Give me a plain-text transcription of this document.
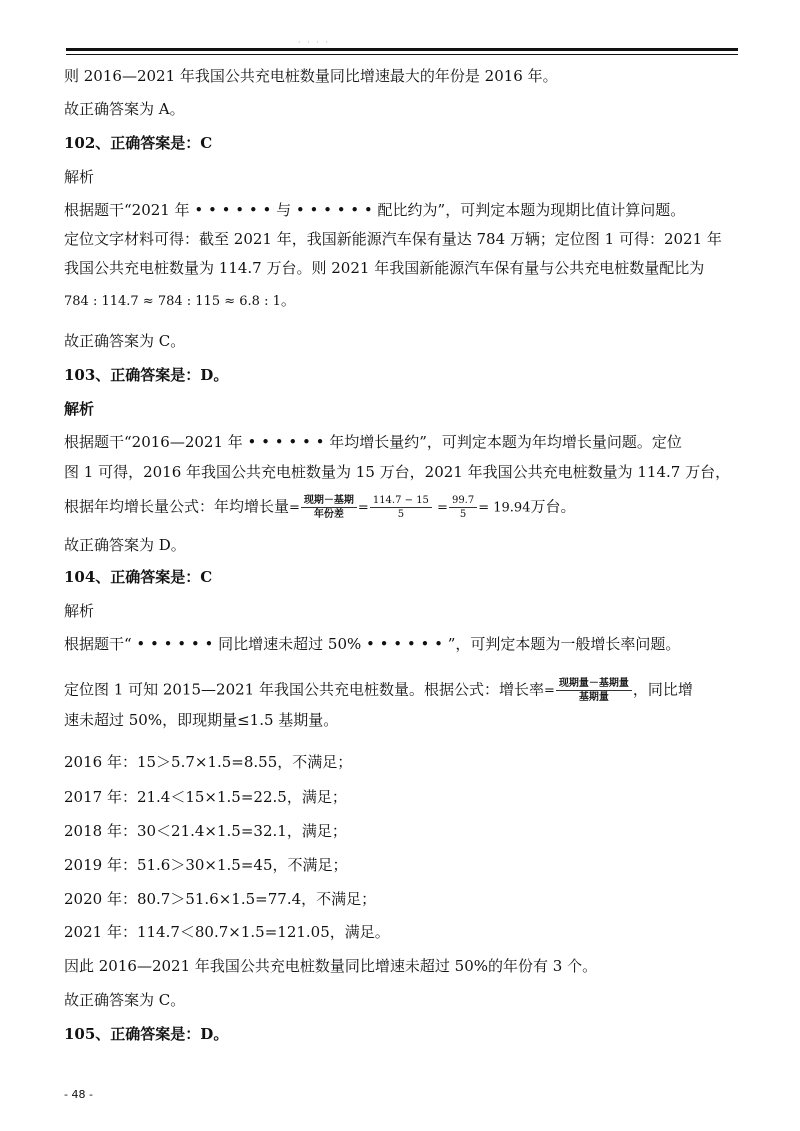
· · · ·
则 2016—2021 年我国公共充电桩数量同比增速最大的年份是 2016 年。
故正确答案为 A。
102、正确答案是：C
解析
根据题干“2021 年 • • • • • • 与 • • • • • • 配比约为”，可判定本题为现期比值计算问题。
定位文字材料可得：截至 2021 年，我国新能源汽车保有量达 784 万辆；定位图 1 可得：2021 年
我国公共充电桩数量为 114.7 万台。则 2021 年我国新能源汽车保有量与公共充电桩数量配比为
784 : 114.7 ≈ 784 : 115 ≈ 6.8 : 1。
故正确答案为 C。
103、正确答案是：D。
解析
根据题干“2016—2021 年 • • • • • • 年均增长量约”，可判定本题为年均增长量问题。定位
图 1 可得，2016 年我国公共充电桩数量为 15 万台，2021 年我国公共充电桩数量为 114.7 万台，
根据年均增长量公式：年均增长量= $\frac{\text{现期－基期}}{\text{年份差}} = \frac{114.7 - 15}{5} = \frac{99.7}{5} = 19.94$万台。
故正确答案为 D。
104、正确答案是：C
解析
根据题干“ • • • • • • 同比增速未超过 50% • • • • • • ”，可判定本题为一般增长率问题。
定位图 1 可知 2015—2021 年我国公共充电桩数量。根据公式：增长率= $\frac{\text{现期量－基期量}}{\text{基期量}}$ ，同比增
速未超过 50%，即现期量≤1.5 基期量。
2016 年：15＞5.7×1.5=8.55，不满足；
2017 年：21.4＜15×1.5=22.5，满足；
2018 年：30＜21.4×1.5=32.1，满足；
2019 年：51.6＞30×1.5=45，不满足；
2020 年：80.7＞51.6×1.5=77.4，不满足；
2021 年：114.7＜80.7×1.5=121.05，满足。
因此 2016—2021 年我国公共充电桩数量同比增速未超过 50%的年份有 3 个。
故正确答案为 C。
105、正确答案是：D。
- 48 -
